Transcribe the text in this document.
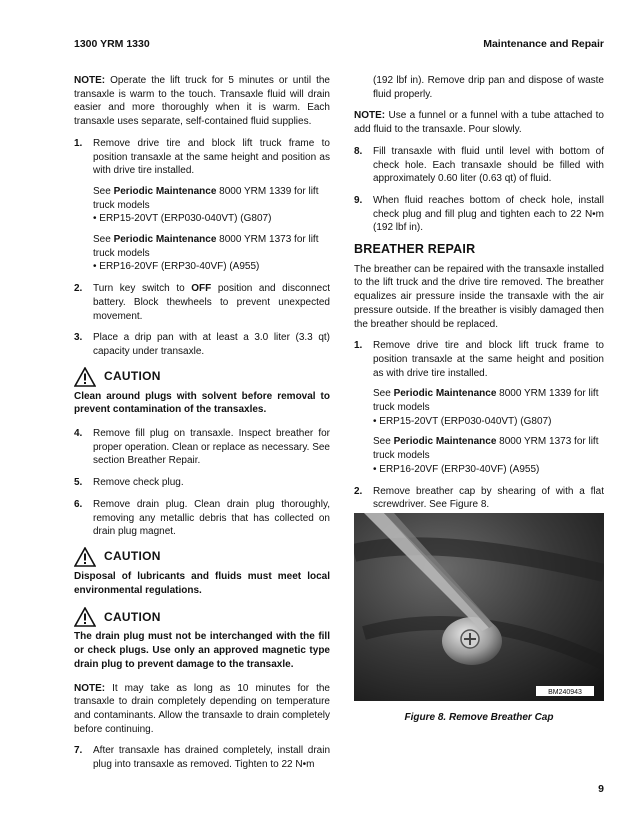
1300 YRM 1330	Maintenance and Repair

NOTE: Operate the lift truck for 5 minutes or until the transaxle is warm to the touch. Transaxle fluid will drain easier and more thoroughly when it is warm. Each transaxle uses separate, self-contained fluid supplies.

1.	Remove drive tire and block lift truck frame to position transaxle at the same height and position as with drive tire installed.

See Periodic Maintenance 8000 YRM 1339 for lift truck models
• ERP15-20VT (ERP030-040VT) (G807)

See Periodic Maintenance 8000 YRM 1373 for lift truck models
• ERP16-20VF (ERP30-40VF) (A955)

2.	Turn key switch to OFF position and disconnect battery. Block thewheels to prevent unexpected movement.

3.	Place a drip pan with at least a 3.0 liter (3.3 qt) capacity under transaxle.

CAUTION
Clean around plugs with solvent before removal to prevent contamination of the transaxles.
4.	Remove fill plug on transaxle. Inspect breather for proper operation. Clean or replace as necessary. See section Breather Repair.

5.	Remove check plug.

6.	Remove drain plug. Clean drain plug thoroughly, removing any metallic debris that has collected on drain plug magnet.

CAUTION
Disposal of lubricants and fluids must meet local environmental regulations.
CAUTION
The drain plug must not be interchanged with the fill or check plugs. Use only an approved magnetic type drain plug to prevent damage to the transaxle.

NOTE: It may take as long as 10 minutes for the transaxle to drain completely depending on temperature and contaminants. Allow the transaxle to drain completely before continuing.

7.	After transaxle has drained completely, install drain plug into transaxle as removed. Tighten to 22 N•m

(192 lbf in). Remove drip pan and dispose of waste fluid properly.

NOTE: Use a funnel or a funnel with a tube attached to add fluid to the transaxle. Pour slowly.

8.	Fill transaxle with fluid until level with bottom of check hole. Each transaxle should be filled with approximately 0.60 liter (0.63 qt) of fluid.

9.	When fluid reaches bottom of check hole, install check plug and fill plug and tighten each to 22 N•m (192 lbf in).

BREATHER REPAIR

The breather can be repaired with the transaxle installed to the lift truck and the drive tire removed. The breather equalizes air pressure inside the transaxle with the air pressure outside. If the breather is visibly damaged then the breather should be replaced.

1.	Remove drive tire and block lift truck frame to position transaxle at the same height and position as with drive tire installed.

See Periodic Maintenance 8000 YRM 1339 for lift truck models
• ERP15-20VT (ERP030-040VT) (G807)

See Periodic Maintenance 8000 YRM 1373 for lift truck models
• ERP16-20VF (ERP30-40VF) (A955)

2.	Remove breather cap by shearing of with a flat screwdriver. See Figure 8.

BM240943
Figure 8. Remove Breather Cap
9
